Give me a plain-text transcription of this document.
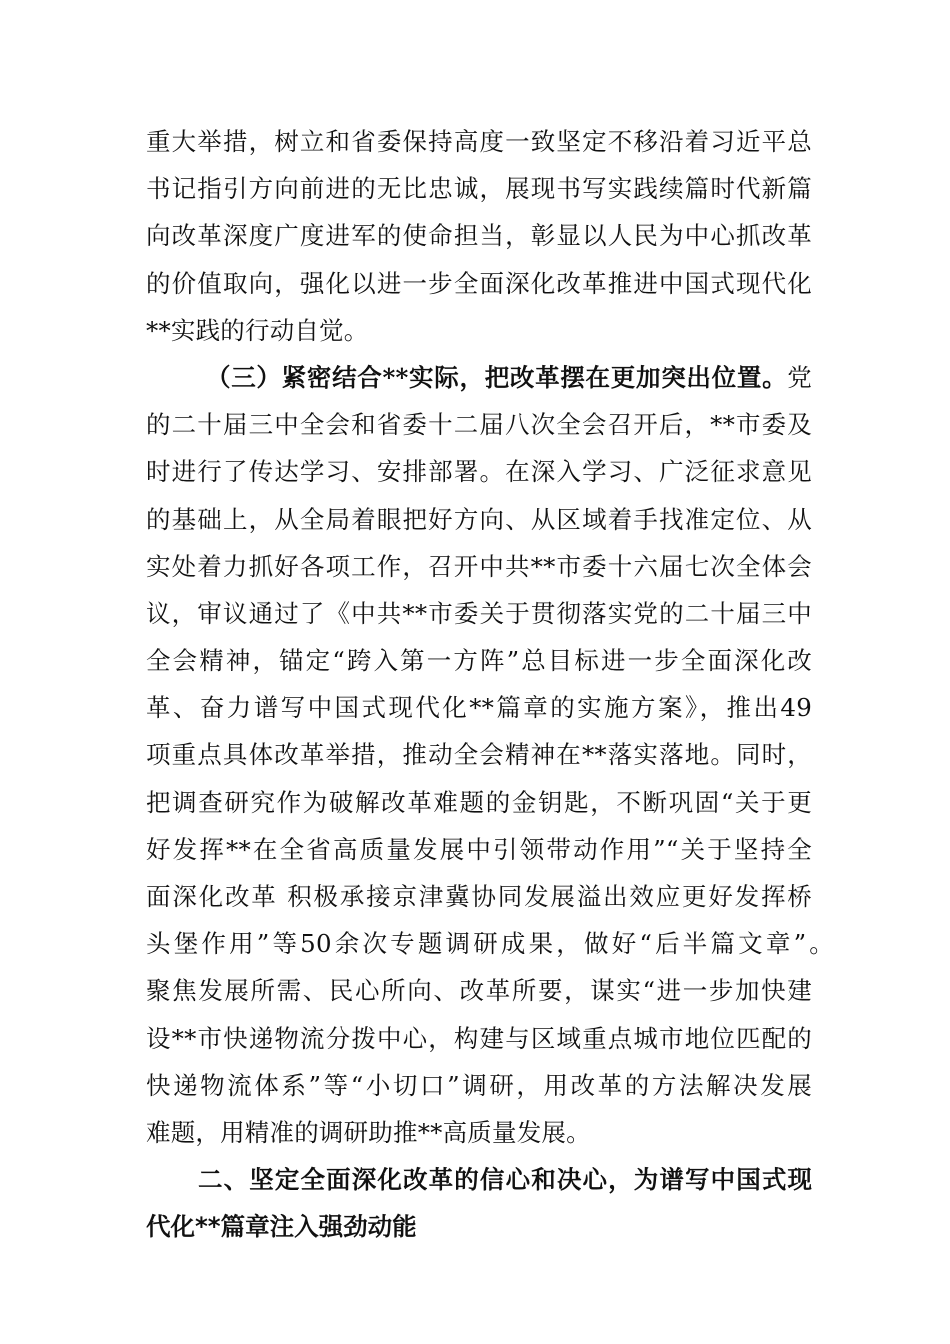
重大举措，树立和省委保持高度一致坚定不移沿着习近平总
书记指引方向前进的无比忠诚，展现书写实践续篇时代新篇
向改革深度广度进军的使命担当，彰显以人民为中心抓改革
的价值取向，强化以进一步全面深化改革推进中国式现代化
**实践的行动自觉。
（三）紧密结合**实际，把改革摆在更加突出位置。党
的二十届三中全会和省委十二届八次全会召开后，**市委及
时进行了传达学习、安排部署。在深入学习、广泛征求意见
的基础上，从全局着眼把好方向、从区域着手找准定位、从
实处着力抓好各项工作，召开中共**市委十六届七次全体会
议，审议通过了《中共**市委关于贯彻落实党的二十届三中
全会精神，锚定“跨入第一方阵”总目标进一步全面深化改
革、奋力谱写中国式现代化**篇章的实施方案》，推出49
项重点具体改革举措，推动全会精神在**落实落地。同时，
把调查研究作为破解改革难题的金钥匙，不断巩固“关于更
好发挥**在全省高质量发展中引领带动作用”“关于坚持全
面深化改革 积极承接京津冀协同发展溢出效应更好发挥桥
头堡作用”等50余次专题调研成果，做好“后半篇文章”。
聚焦发展所需、民心所向、改革所要，谋实“进一步加快建
设**市快递物流分拨中心，构建与区域重点城市地位匹配的
快递物流体系”等“小切口”调研，用改革的方法解决发展
难题，用精准的调研助推**高质量发展。
二、坚定全面深化改革的信心和决心，为谱写中国式现
代化**篇章注入强劲动能
